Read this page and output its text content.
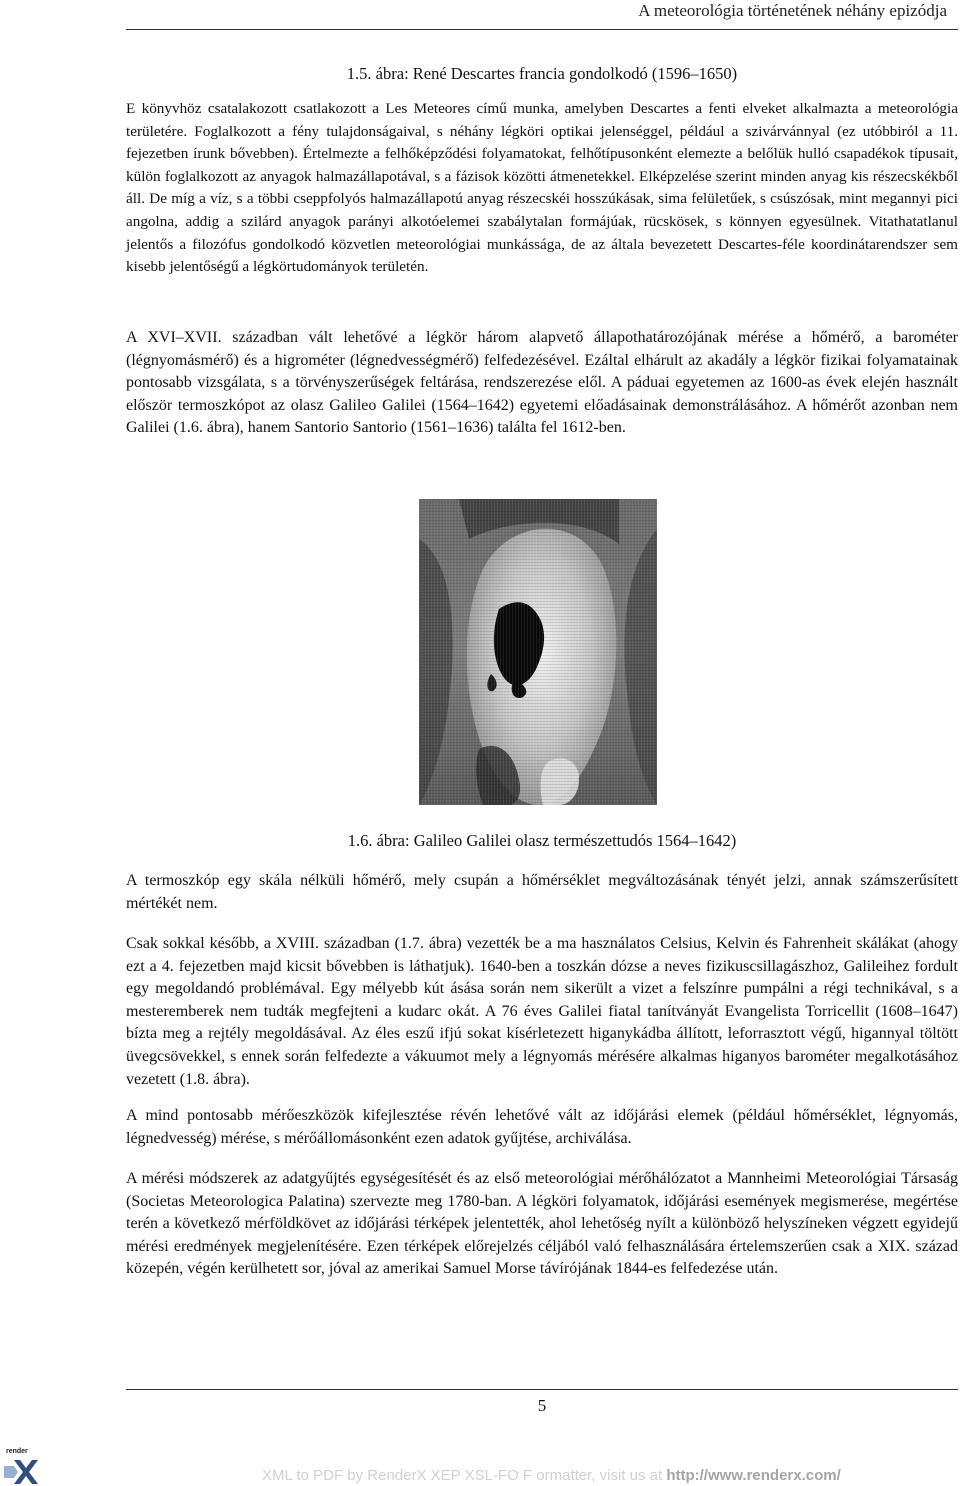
A meteorológia történetének néhány epizódja
1.5. ábra: René Descartes francia gondolkodó (1596–1650)

E könyvhöz csatalakozott csatlakozott a Les Meteores című munka, amelyben Descartes a fenti elveket alkalmazta a meteorológia területére. Foglalkozott a fény tulajdonságaival, s néhány légköri optikai jelenséggel, például a szivárvánnyal (ez utóbbiról a 11. fejezetben írunk bővebben). Értelmezte a felhőképződési folyamatokat, felhőtípusonként elemezte a belőlük hulló csapadékok típusait, külön foglalkozott az anyagok halmazállapotával, s a fázisok közötti átmenetekkel. Elképzelése szerint minden anyag kis részecskékből áll. De míg a víz, s a többi cseppfolyós halmazállapotú anyag részecskéi hosszúkásak, sima felületűek, s csúszósak, mint megannyi pici angolna, addig a szilárd anyagok parányi alkotóelemei szabálytalan formájúak, rücskösek, s könnyen egyesülnek. Vitathatatlanul jelentős a filozófus gondolkodó közvetlen meteorológiai munkássága, de az általa bevezetett Descartes-féle koordinátarendszer sem kisebb jelentőségű a légkörtudományok területén.

A XVI–XVII. században vált lehetővé a légkör három alapvető állapothatározójának mérése a hőmérő, a barométer (légnyomásmérő) és a higrométer (légnedvességmérő) felfedezésével. Ezáltal elhárult az akadály a légkör fizikai folyamatainak pontosabb vizsgálata, s a törvényszerűségek feltárása, rendszerezése elől. A páduai egyetemen az 1600-as évek elején használt először termoszkópot az olasz Galileo Galilei (1564–1642) egyetemi előadásainak demonstrálásához. A hőmérőt azonban nem Galilei (1.6. ábra), hanem Santorio Santorio (1561–1636) találta fel 1612-ben.

1.6. ábra: Galileo Galilei olasz természettudós 1564–1642)

A termoszkóp egy skála nélküli hőmérő, mely csupán a hőmérséklet megváltozásának tényét jelzi, annak számszerűsített mértékét nem.

Csak sokkal később, a XVIII. században (1.7. ábra) vezették be a ma használatos Celsius, Kelvin és Fahrenheit skálákat (ahogy ezt a 4. fejezetben majd kicsit bővebben is láthatjuk). 1640-ben a toszkán dózse a neves fizikuscsillagászhoz, Galileihez fordult egy megoldandó problémával. Egy mélyebb kút ásása során nem sikerült a vizet a felszínre pumpálni a régi technikával, s a mesteremberek nem tudták megfejteni a kudarc okát. A 76 éves Galilei fiatal tanítványát Evangelista Torricellit (1608–1647) bízta meg a rejtély megoldásával. Az éles eszű ifjú sokat kísérletezett higanykádba állított, leforrasztott végű, higannyal töltött üvegcsövekkel, s ennek során felfedezte a vákuumot mely a légnyomás mérésére alkalmas higanyos barométer megalkotásához vezetett (1.8. ábra).

A mind pontosabb mérőeszközök kifejlesztése révén lehetővé vált az időjárási elemek (például hőmérséklet, légnyomás, légnedvesség) mérése, s mérőállomásonként ezen adatok gyűjtése, archiválása.

A mérési módszerek az adatgyűjtés egységesítését és az első meteorológiai mérőhálózatot a Mannheimi Meteorológiai Társaság (Societas Meteorologica Palatina) szervezte meg 1780-ban. A légköri folyamatok, időjárási események megismerése, megértése terén a következő mérföldkövet az időjárási térképek jelentették, ahol lehetőség nyílt a különböző helyszíneken végzett egyidejű mérési eredmények megjelenítésére. Ezen térképek előrejelzés céljából való felhasználására értelemszerűen csak a XIX. század közepén, végén kerülhetett sor, jóval az amerikai Samuel Morse távírójának 1844-es felfedezése után.

5
render
XML to PDF by RenderX XEP XSL-FO F ormatter, visit us at http://www.renderx.com/
